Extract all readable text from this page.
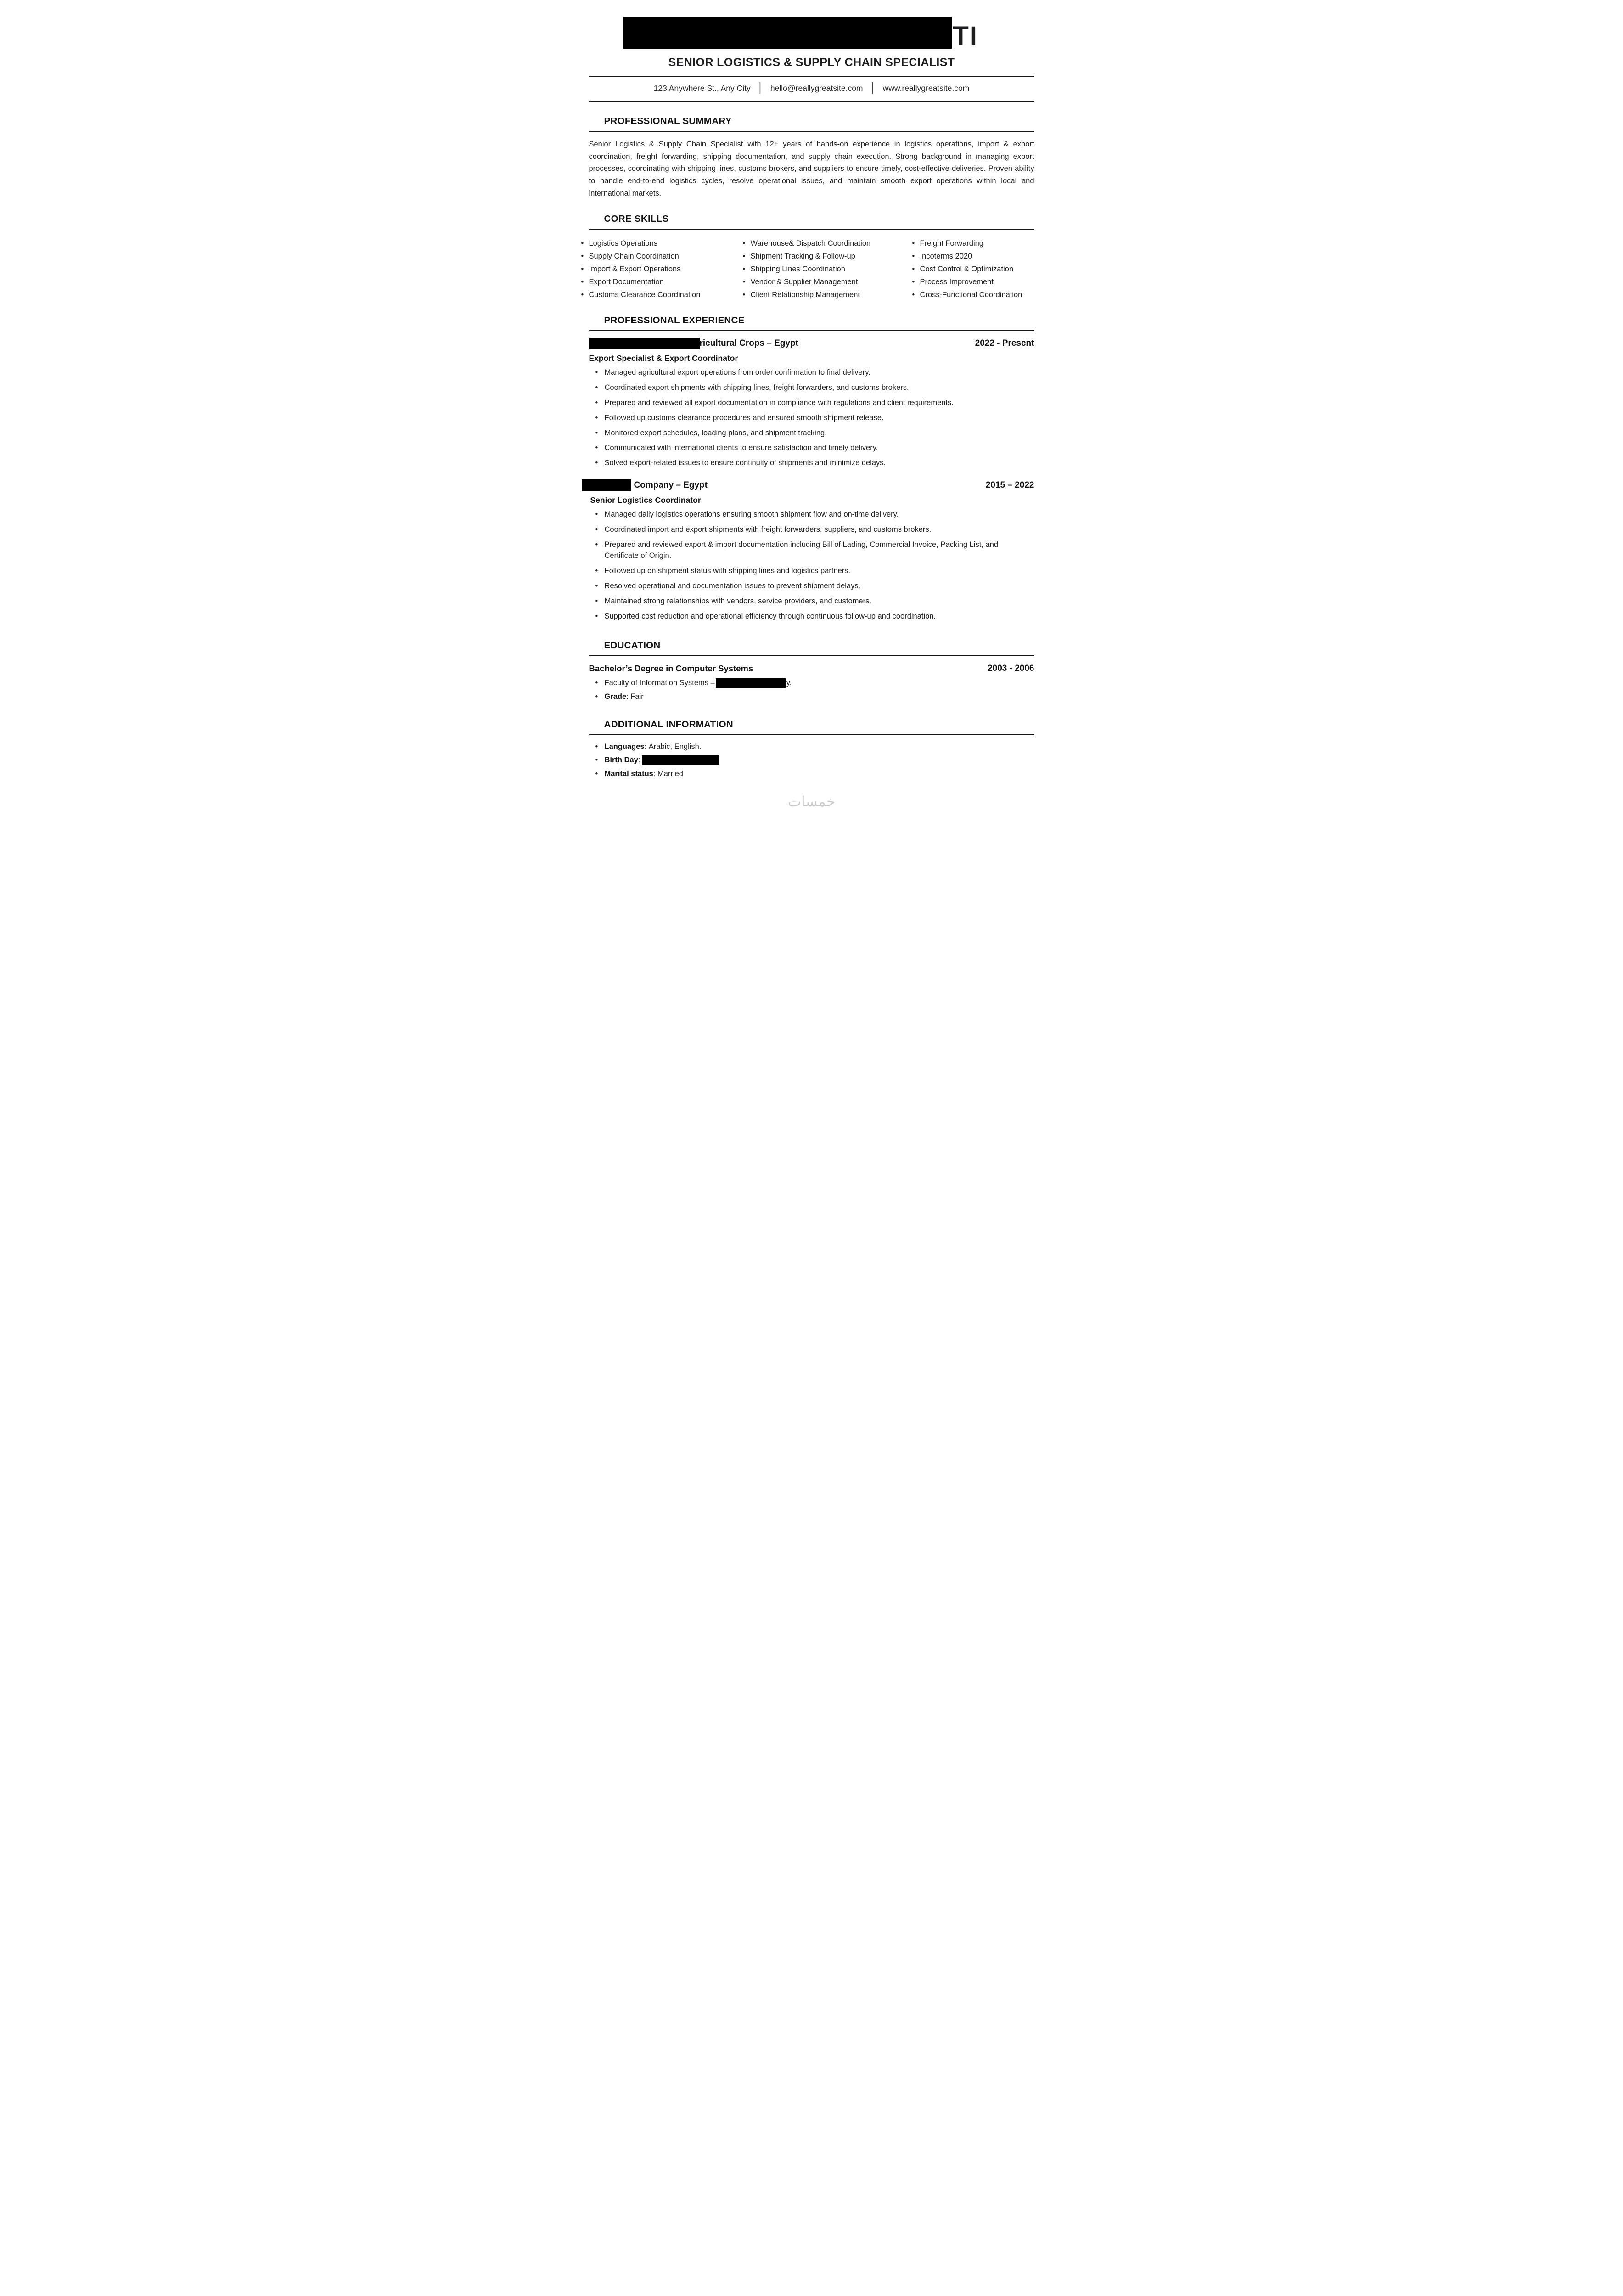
TI
SENIOR LOGISTICS & SUPPLY CHAIN SPECIALIST
123 Anywhere St., Any City │ hello@reallygreatsite.com │ www.reallygreatsite.com
PROFESSIONAL SUMMARY
Senior Logistics & Supply Chain Specialist with 12+ years of hands-on experience in logistics operations, import & export coordination, freight forwarding, shipping documentation, and supply chain execution. Strong background in managing export processes, coordinating with shipping lines, customs brokers, and suppliers to ensure timely, cost-effective deliveries. Proven ability to handle end-to-end logistics cycles, resolve operational issues, and maintain smooth export operations within local and international markets.
CORE SKILLS
• Logistics Operations
• Supply Chain Coordination
• Import & Export Operations
• Export Documentation
• Customs Clearance Coordination
• Warehouse& Dispatch Coordination
• Shipment Tracking & Follow-up
• Shipping Lines Coordination
• Vendor & Supplier Management
• Client Relationship Management
• Freight Forwarding
• Incoterms 2020
• Cost Control & Optimization
• Process Improvement
• Cross-Functional Coordination
PROFESSIONAL EXPERIENCE
ricultural Crops – Egypt	2022 - Present
Export Specialist & Export Coordinator
• Managed agricultural export operations from order confirmation to final delivery.
• Coordinated export shipments with shipping lines, freight forwarders, and customs brokers.
• Prepared and reviewed all export documentation in compliance with regulations and client requirements.
• Followed up customs clearance procedures and ensured smooth shipment release.
• Monitored export schedules, loading plans, and shipment tracking.
• Communicated with international clients to ensure satisfaction and timely delivery.
• Solved export-related issues to ensure continuity of shipments and minimize delays.
Company – Egypt	2015 – 2022
Senior Logistics Coordinator
• Managed daily logistics operations ensuring smooth shipment flow and on-time delivery.
• Coordinated import and export shipments with freight forwarders, suppliers, and customs brokers.
• Prepared and reviewed export & import documentation including Bill of Lading, Commercial Invoice, Packing List, and Certificate of Origin.
• Followed up on shipment status with shipping lines and logistics partners.
• Resolved operational and documentation issues to prevent shipment delays.
• Maintained strong relationships with vendors, service providers, and customers.
• Supported cost reduction and operational efficiency through continuous follow-up and coordination.
EDUCATION
Bachelor’s Degree in Computer Systems	2003 - 2006
• Faculty of Information Systems –	y.
• Grade: Fair
ADDITIONAL INFORMATION
• Languages: Arabic, English.
• Birth Day:
• Marital status: Married
خمسات
